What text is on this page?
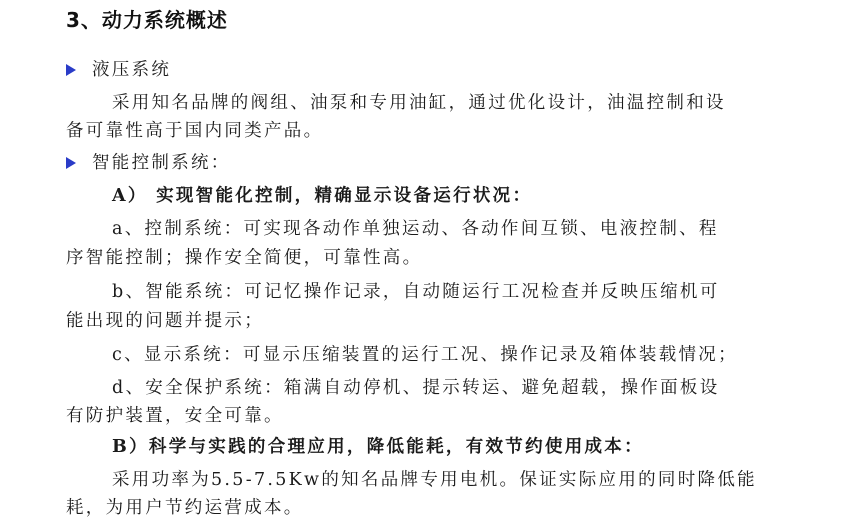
3、动力系统概述
液压系统
采用知名品牌的阀组、油泵和专用油缸，通过优化设计，油温控制和设
备可靠性高于国内同类产品。
智能控制系统：
A） 实现智能化控制，精确显示设备运行状况：
a、控制系统：可实现各动作单独运动、各动作间互锁、电液控制、程
序智能控制；操作安全简便，可靠性高。
b、智能系统：可记忆操作记录，自动随运行工况检查并反映压缩机可
能出现的问题并提示；
c、显示系统：可显示压缩装置的运行工况、操作记录及箱体装载情况；
d、安全保护系统：箱满自动停机、提示转运、避免超载，操作面板设
有防护装置，安全可靠。
B）科学与实践的合理应用，降低能耗，有效节约使用成本：
采用功率为5.5-7.5Kw的知名品牌专用电机。保证实际应用的同时降低能
耗，为用户节约运营成本。
